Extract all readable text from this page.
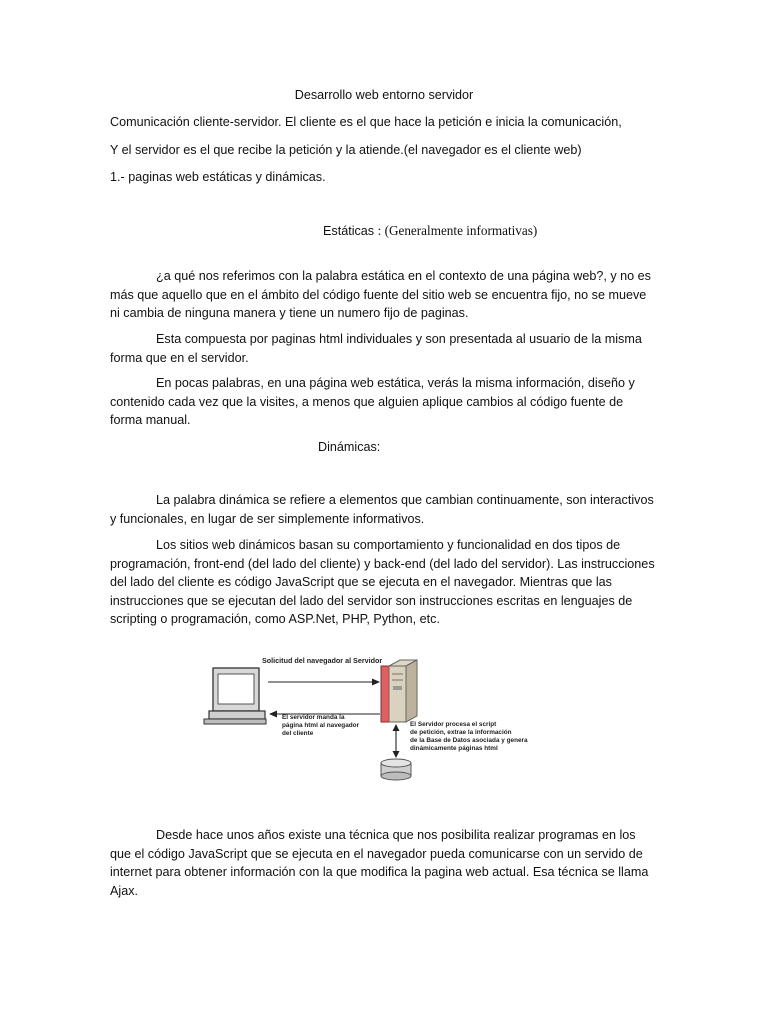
Desarrollo web entorno servidor

Comunicación cliente-servidor. El cliente es el que hace la petición e inicia la comunicación,

Y el servidor es el que recibe la petición y la atiende.(el navegador es el cliente web)

1.- paginas web estáticas y dinámicas.

Estáticas : (Generalmente informativas)

¿a qué nos referimos con la palabra estática en el contexto de una página web?, y no es más que aquello que en el ámbito del código fuente del sitio web se encuentra fijo, no se mueve ni cambia de ninguna manera y tiene un numero fijo de paginas.

Esta compuesta por paginas html individuales y son presentada al usuario de la misma forma que en el servidor.

En pocas palabras, en una página web estática, verás la misma información, diseño y contenido cada vez que la visites, a menos que alguien aplique cambios al código fuente de forma manual.

Dinámicas:

La palabra dinámica se refiere a elementos que cambian continuamente, son interactivos y funcionales, en lugar de ser simplemente informativos.

Los sitios web dinámicos basan su comportamiento y funcionalidad en dos tipos de programación, front-end (del lado del cliente) y back-end (del lado del servidor). Las instrucciones del lado del cliente es código JavaScript que se ejecuta en el navegador. Mientras que las instrucciones que se ejecutan del lado del servidor son instrucciones escritas en lenguajes de scripting o programación, como ASP.Net, PHP, Python, etc.

Solicitud del navegador al Servidor
El servidor manda la
página html al navegador
del cliente
El Servidor procesa el script
de petición, extrae la información
de la Base de Datos asociada y genera
dinámicamente páginas html

Desde hace unos años existe una técnica que nos posibilita realizar programas en los que el código JavaScript que se ejecuta en el navegador pueda comunicarse con un servido de internet para obtener información con la que modifica la pagina web actual. Esa técnica se llama Ajax.
